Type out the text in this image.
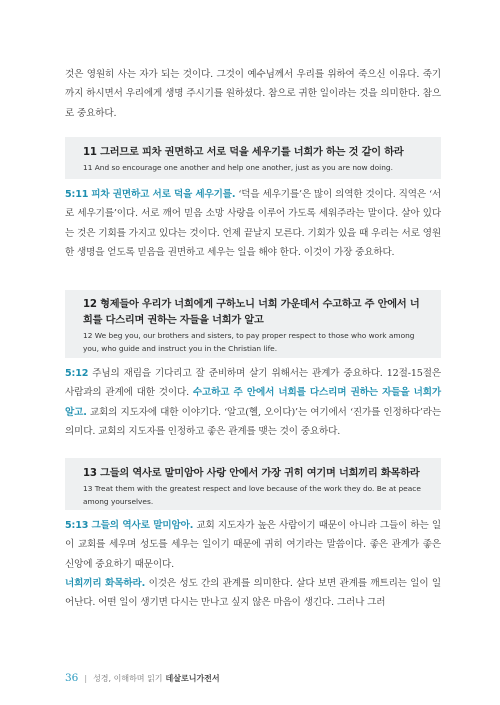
것은 영원히 사는 자가 되는 것이다. 그것이 예수님께서 우리를 위하여 죽으신 이유다. 죽기까지 하시면서 우리에게 생명 주시기를 원하셨다. 참으로 귀한 일이라는 것을 의미한다. 참으로 중요하다.

11 그러므로 피차 권면하고 서로 덕을 세우기를 너희가 하는 것 같이 하라
11 And so encourage one another and help one another, just as you are now doing.

5:11 피차 권면하고 서로 덕을 세우기를. ‘덕을 세우기를’은 많이 의역한 것이다. 직역은 ‘서로 세우기를’이다. 서로 깨어 믿음 소망 사랑을 이루어 가도록 세워주라는 말이다. 살아 있다는 것은 기회를 가지고 있다는 것이다. 언제 끝날지 모른다. 기회가 있을 때 우리는 서로 영원한 생명을 얻도록 믿음을 권면하고 세우는 일을 해야 한다. 이것이 가장 중요하다.

12 형제들아 우리가 너희에게 구하노니 너희 가운데서 수고하고 주 안에서 너희를 다스리며 권하는 자들을 너희가 알고
12 We beg you, our brothers and sisters, to pay proper respect to those who work among you, who guide and instruct you in the Christian life.

5:12 주님의 재림을 기다리고 잘 준비하며 살기 위해서는 관계가 중요하다. 12절-15절은 사람과의 관계에 대한 것이다. 수고하고 주 안에서 너희를 다스리며 권하는 자들을 너희가 알고. 교회의 지도자에 대한 이야기다. ‘알고(헬, 오이다)’는 여기에서 ‘진가를 인정하다’라는 의미다. 교회의 지도자를 인정하고 좋은 관계를 맺는 것이 중요하다.

13 그들의 역사로 말미암아 사랑 안에서 가장 귀히 여기며 너희끼리 화목하라
13 Treat them with the greatest respect and love because of the work they do. Be at peace among yourselves.

5:13 그들의 역사로 말미암아. 교회 지도자가 높은 사람이기 때문이 아니라 그들이 하는 일이 교회를 세우며 성도를 세우는 일이기 때문에 귀히 여기라는 말씀이다. 좋은 관계가 좋은 신앙에 중요하기 때문이다.

너희끼리 화목하라. 이것은 성도 간의 관계를 의미한다. 살다 보면 관계를 깨트리는 일이 일어난다. 어떤 일이 생기면 다시는 만나고 싶지 않은 마음이 생긴다. 그러나 그러

36 | 성경, 이해하며 읽기 데살로니가전서
